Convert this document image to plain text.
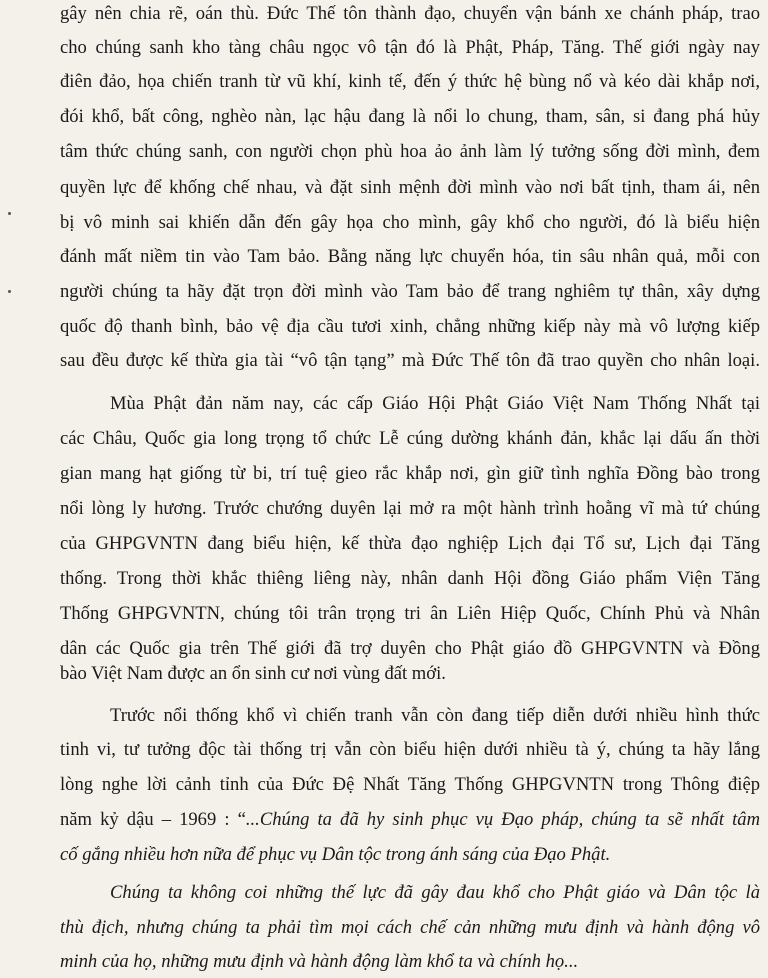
gây nên chia rẽ, oán thù. Đức Thế tôn thành đạo, chuyển vận bánh xe chánh pháp, trao
cho chúng sanh kho tàng châu ngọc vô tận đó là Phật, Pháp, Tăng. Thế giới ngày nay
điên đảo, họa chiến tranh từ vũ khí, kinh tế, đến ý thức hệ bùng nổ và kéo dài khắp nơi,
đói khổ, bất công, nghèo nàn, lạc hậu đang là nổi lo chung, tham, sân, si đang phá hủy
tâm thức chúng sanh, con người chọn phù hoa ảo ảnh làm lý tưởng sống đời mình, đem
quyền lực để khống chế nhau, và đặt sinh mệnh đời mình vào nơi bất tịnh, tham ái, nên
bị vô minh sai khiến dẫn đến gây họa cho mình, gây khổ cho người, đó là biểu hiện
đánh mất niềm tin vào Tam bảo. Bằng năng lực chuyển hóa, tin sâu nhân quả, mỗi con
người chúng ta hãy đặt trọn đời mình vào Tam bảo để trang nghiêm tự thân, xây dựng
quốc độ thanh bình, bảo vệ địa cầu tươi xinh, chẳng những kiếp này mà vô lượng kiếp
sau đều được kế thừa gia tài “vô tận tạng” mà Đức Thế tôn đã trao quyền cho nhân loại.
Mùa Phật đản năm nay, các cấp Giáo Hội Phật Giáo Việt Nam Thống Nhất tại
các Châu, Quốc gia long trọng tổ chức Lễ cúng dường khánh đản, khắc lại dấu ấn thời
gian mang hạt giống từ bi, trí tuệ gieo rắc khắp nơi, gìn giữ tình nghĩa Đồng bào trong
nổi lòng ly hương. Trước chướng duyên lại mở ra một hành trình hoằng vĩ mà tứ chúng
của GHPGVNTN đang biểu hiện, kế thừa đạo nghiệp Lịch đại Tổ sư, Lịch đại Tăng
thống. Trong thời khắc thiêng liêng này, nhân danh Hội đồng Giáo phẩm Viện Tăng
Thống GHPGVNTN, chúng tôi trân trọng tri ân Liên Hiệp Quốc, Chính Phủ và Nhân
dân các Quốc gia trên Thế giới đã trợ duyên cho Phật giáo đồ GHPGVNTN và Đồng
bào Việt Nam được an ổn sinh cư nơi vùng đất mới.
Trước nổi thống khổ vì chiến tranh vẫn còn đang tiếp diễn dưới nhiều hình thức
tinh vi, tư tưởng độc tài thống trị vẫn còn biểu hiện dưới nhiều tà ý, chúng ta hãy lắng
lòng nghe lời cảnh tỉnh của Đức Đệ Nhất Tăng Thống GHPGVNTN trong Thông điệp
năm kỷ dậu – 1969 : “...Chúng ta đã hy sinh phục vụ Đạo pháp, chúng ta sẽ nhất tâm
cố gắng nhiều hơn nữa để phục vụ Dân tộc trong ánh sáng của Đạo Phật.
Chúng ta không coi những thế lực đã gây đau khổ cho Phật giáo và Dân tộc là
thù địch, nhưng chúng ta phải tìm mọi cách chế cản những mưu định và hành động vô
minh của họ, những mưu định và hành động làm khổ ta và chính họ...
